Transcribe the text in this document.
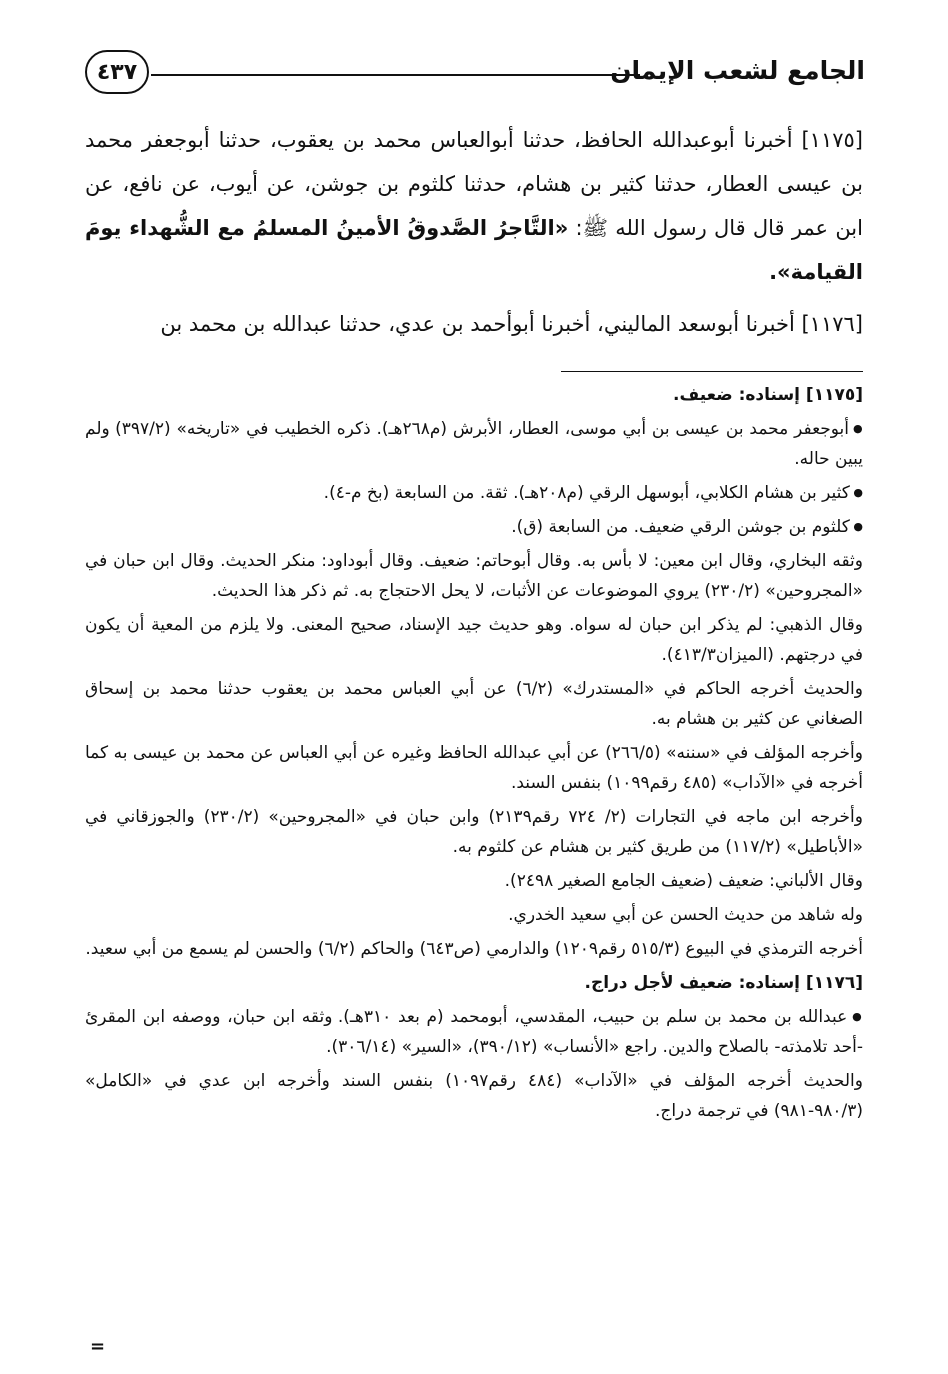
الجامع لشعب الإيمان
٤٣٧

[١١٧٥] أخبرنا أبوعبدالله الحافظ، حدثنا أبوالعباس محمد بن يعقوب، حدثنا أبوجعفر محمد بن عيسى العطار، حدثنا كثير بن هشام، حدثنا كلثوم بن جوشن، عن أيوب، عن نافع، عن ابن عمر قال قال رسول الله ﷺ: «التَّاجرُ الصَّدوقُ الأمينُ المسلمُ مع الشُّهداء يومَ القيامة».

[١١٧٦] أخبرنا أبوسعد الماليني، أخبرنا أبوأحمد بن عدي، حدثنا عبدالله بن محمد بن

[١١٧٥] إسناده: ضعيف.

● أبوجعفر محمد بن عيسى بن أبي موسى، العطار، الأبرش (م٢٦٨هـ). ذكره الخطيب في «تاريخه» (٣٩٧/٢) ولم يبين حاله.

● كثير بن هشام الكلابي، أبوسهل الرقي (م٢٠٨هـ). ثقة. من السابعة (بخ م-٤).

● كلثوم بن جوشن الرقي ضعيف. من السابعة (ق).

وثقه البخاري، وقال ابن معين: لا بأس به. وقال أبوحاتم: ضعيف. وقال أبوداود: منكر الحديث. وقال ابن حبان في «المجروحين» (٢٣٠/٢) يروي الموضوعات عن الأثبات، لا يحل الاحتجاج به. ثم ذكر هذا الحديث.

وقال الذهبي: لم يذكر ابن حبان له سواه. وهو حديث جيد الإسناد، صحيح المعنى. ولا يلزم من المعية أن يكون في درجتهم. (الميزان٤١٣/٣).

والحديث أخرجه الحاكم في «المستدرك» (٦/٢) عن أبي العباس محمد بن يعقوب حدثنا محمد بن إسحاق الصغاني عن كثير بن هشام به.

وأخرجه المؤلف في «سننه» (٢٦٦/٥) عن أبي عبدالله الحافظ وغيره عن أبي العباس عن محمد بن عيسى به كما أخرجه في «الآداب» (٤٨٥ رقم١٠٩٩) بنفس السند.

وأخرجه ابن ماجه في التجارات (٢/ ٧٢٤ رقم٢١٣٩) وابن حبان في «المجروحين» (٢٣٠/٢) والجوزقاني في «الأباطيل» (١١٧/٢) من طريق كثير بن هشام عن كلثوم به.

وقال الألباني: ضعيف (ضعيف الجامع الصغير ٢٤٩٨).

وله شاهد من حديث الحسن عن أبي سعيد الخدري.

أخرجه الترمذي في البيوع (٥١٥/٣ رقم١٢٠٩) والدارمي (ص٦٤٣) والحاكم (٦/٢) والحسن لم يسمع من أبي سعيد.

[١١٧٦] إسناده: ضعيف لأجل دراج.

● عبدالله بن محمد بن سلم بن حبيب، المقدسي، أبومحمد (م بعد ٣١٠هـ). وثقه ابن حبان، ووصفه ابن المقرئ -أحد تلامذته- بالصلاح والدين. راجع «الأنساب» (٣٩٠/١٢)، «السير» (٣٠٦/١٤).

والحديث أخرجه المؤلف في «الآداب» (٤٨٤ رقم١٠٩٧) بنفس السند وأخرجه ابن عدي في «الكامل» (٩٨٠/٣-٩٨١) في ترجمة دراج.

=
